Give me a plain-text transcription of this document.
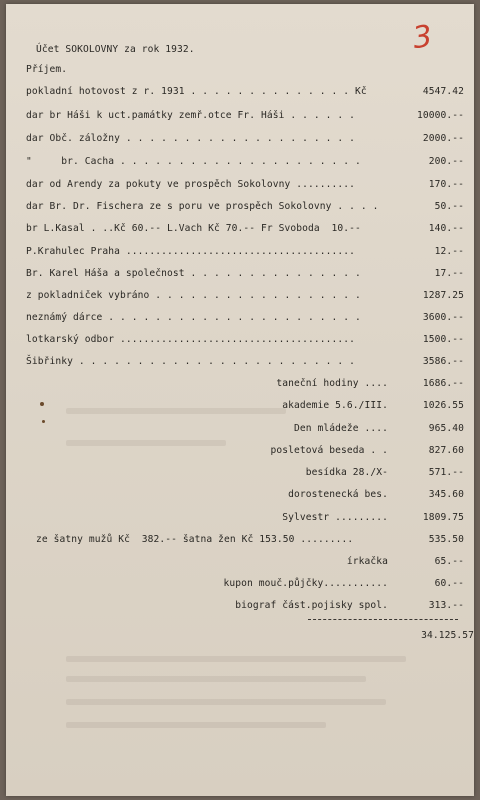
3
Účet SOKOLOVNY za rok 1932.
Příjem.
pokladní hotovost z r. 1931 . . . . . . . . . . . . . . Kč	4547.42
dar br Háši k uct.památky zemř.otce Fr. Háši . . . . . .	10000.--
dar Obč. záložny . . . . . . . . . . . . . . . . . . . .	2000.--
"     br. Cacha . . . . . . . . . . . . . . . . . . . . .	200.--
dar od Arendy za pokuty ve prospěch Sokolovny ..........	170.--
dar Br. Dr. Fischera ze s poru ve prospěch Sokolovny . . . .	50.--
br L.Kasal . ..Kč 60.-- L.Vach Kč 70.-- Fr Svoboda  10.--	140.--
P.Krahulec Praha .......................................	12.--
Br. Karel Háša a společnost . . . . . . . . . . . . . . .	17.--
z pokladniček vybráno . . . . . . . . . . . . . . . . . .	1287.25
neznámý dárce . . . . . . . . . . . . . . . . . . . . . .	3600.--
lotkarský odbor ........................................	1500.--
Šibřinky . . . . . . . . . . . . . . . . . . . . . . . .	3586.--
taneční hodiny ....	1686.--
akademie 5.6./III.	1026.55
Den mládeže ....	965.40
posletová beseda . .	827.60
besídka 28./X-	571.--
dorostenecká bes.	345.60
Sylvestr .........	1809.75
ze šatny mužů Kč  382.-- šatna žen Kč 153.50 .........	535.50
írkačka	65.--
kupon mouč.půjčky...........	60.--
biograf část.pojisky spol.	313.--
34.125.57
